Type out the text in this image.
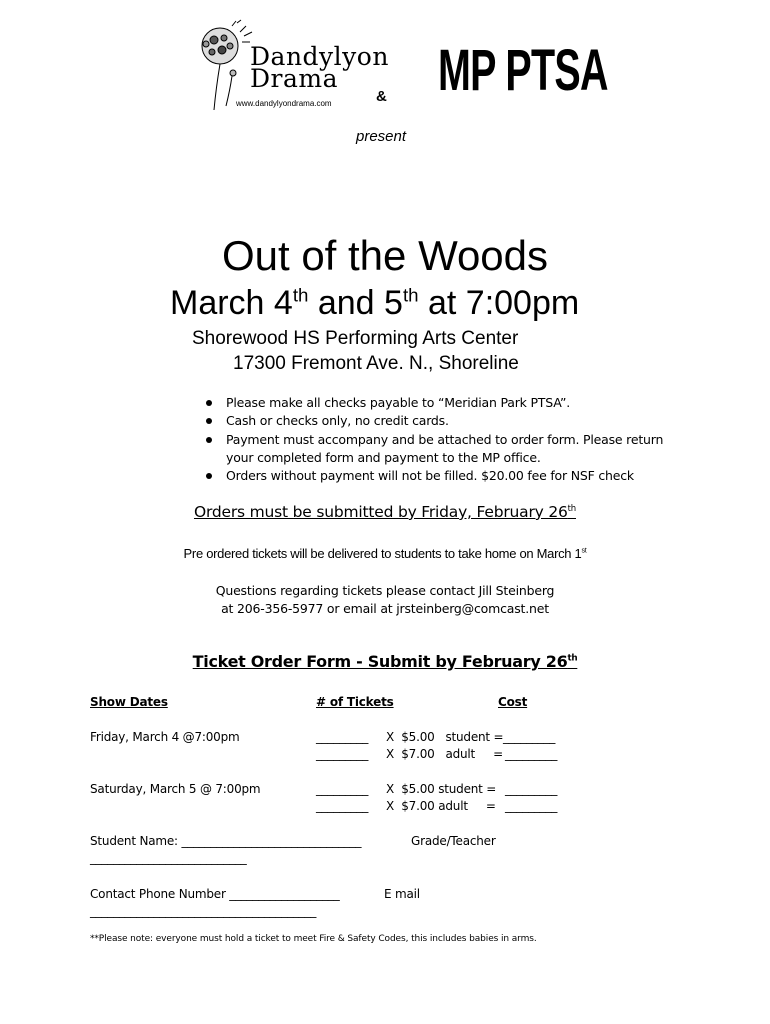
Dandylyon
Drama
www.dandylyondrama.com	& MP PTSA
present
Out of the Woods
March 4th and 5th at 7:00pm
Shorewood HS Performing Arts Center
17300 Fremont Ave. N., Shoreline
Please make all checks payable to “Meridian Park PTSA”.
Cash or checks only, no credit cards.
Payment must accompany and be attached to order form. Please return your completed form and payment to the MP office.
Orders without payment will not be filled. $20.00 fee for NSF check
Orders must be submitted by Friday, February 26th
Pre ordered tickets will be delivered to students to take home on March 1st
Questions regarding tickets please contact Jill Steinberg
at 206-356-5977 or email at jrsteinberg@comcast.net
Ticket Order Form - Submit by February 26th
Show Dates	# of Tickets	Cost
Friday, March 4 @7:00pm	_________ X  $5.00   student = _________
_________ X  $7.00   adult     = _________
Saturday, March 5 @ 7:00pm	_________ X  $5.00 student = _________
_________ X  $7.00 adult     = _________
Student Name: _______________________________	Grade/Teacher
___________________________
Contact Phone Number ___________________	E mail
_______________________________________
**Please note: everyone must hold a ticket to meet Fire & Safety Codes, this includes babies in arms.
